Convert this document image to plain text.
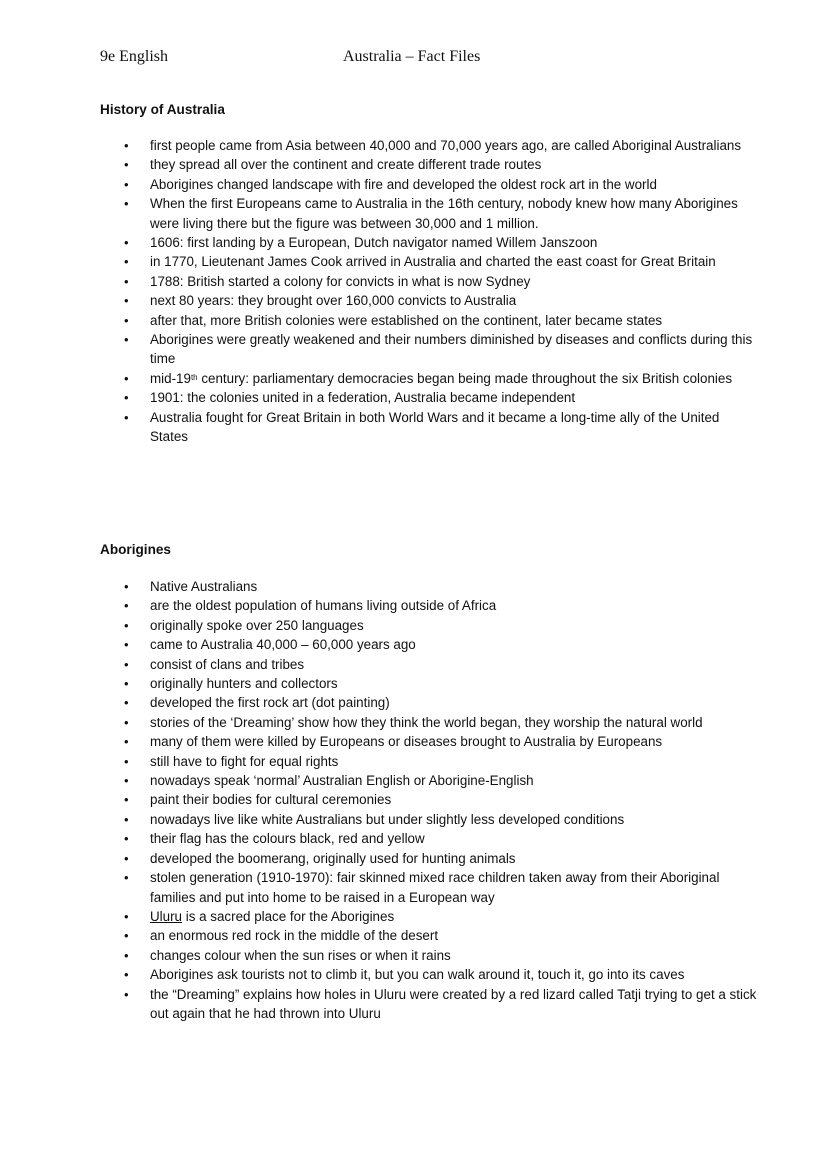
9e English	Australia – Fact Files

History of Australia

• first people came from Asia between 40,000 and 70,000 years ago, are called Aboriginal Australians
• they spread all over the continent and create different trade routes
• Aborigines changed landscape with fire and developed the oldest rock art in the world
• When the first Europeans came to Australia in the 16th century, nobody knew how many Aborigines were living there but the figure was between 30,000 and 1 million.
• 1606: first landing by a European, Dutch navigator named Willem Janszoon
• in 1770, Lieutenant James Cook arrived in Australia and charted the east coast for Great Britain
• 1788: British started a colony for convicts in what is now Sydney
• next 80 years: they brought over 160,000 convicts to Australia
• after that, more British colonies were established on the continent, later became states
• Aborigines were greatly weakened and their numbers diminished by diseases and conflicts during this time
• mid-19th century: parliamentary democracies began being made throughout the six British colonies
• 1901: the colonies united in a federation, Australia became independent
• Australia fought for Great Britain in both World Wars and it became a long-time ally of the United States

Aborigines

• Native Australians
• are the oldest population of humans living outside of Africa
• originally spoke over 250 languages
• came to Australia 40,000 – 60,000 years ago
• consist of clans and tribes
• originally hunters and collectors
• developed the first rock art (dot painting)
• stories of the ‘Dreaming’ show how they think the world began, they worship the natural world
• many of them were killed by Europeans or diseases brought to Australia by Europeans
• still have to fight for equal rights
• nowadays speak ‘normal’ Australian English or Aborigine-English
• paint their bodies for cultural ceremonies
• nowadays live like white Australians but under slightly less developed conditions
• their flag has the colours black, red and yellow
• developed the boomerang, originally used for hunting animals
• stolen generation (1910-1970): fair skinned mixed race children taken away from their Aboriginal families and put into home to be raised in a European way
• Uluru is a sacred place for the Aborigines
• an enormous red rock in the middle of the desert
• changes colour when the sun rises or when it rains
• Aborigines ask tourists not to climb it, but you can walk around it, touch it, go into its caves
• the “Dreaming” explains how holes in Uluru were created by a red lizard called Tatji trying to get a stick out again that he had thrown into Uluru
